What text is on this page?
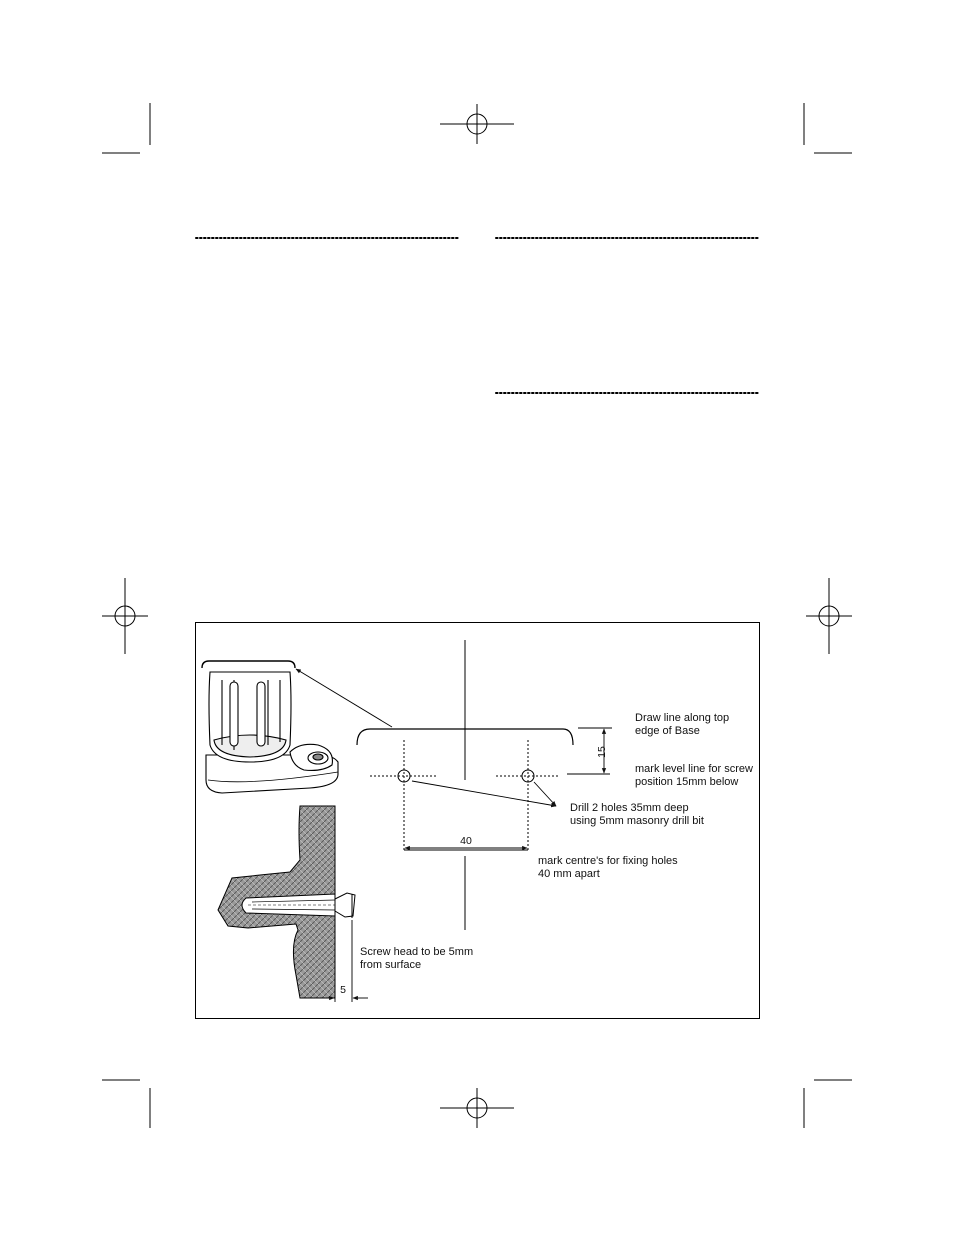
15
40
5
Draw line along top
edge of Base
mark level line for screw
position 15mm below
Drill 2 holes 35mm deep
using 5mm masonry drill bit
mark centre's for fixing holes
40 mm apart
Screw head to be 5mm
from surface
